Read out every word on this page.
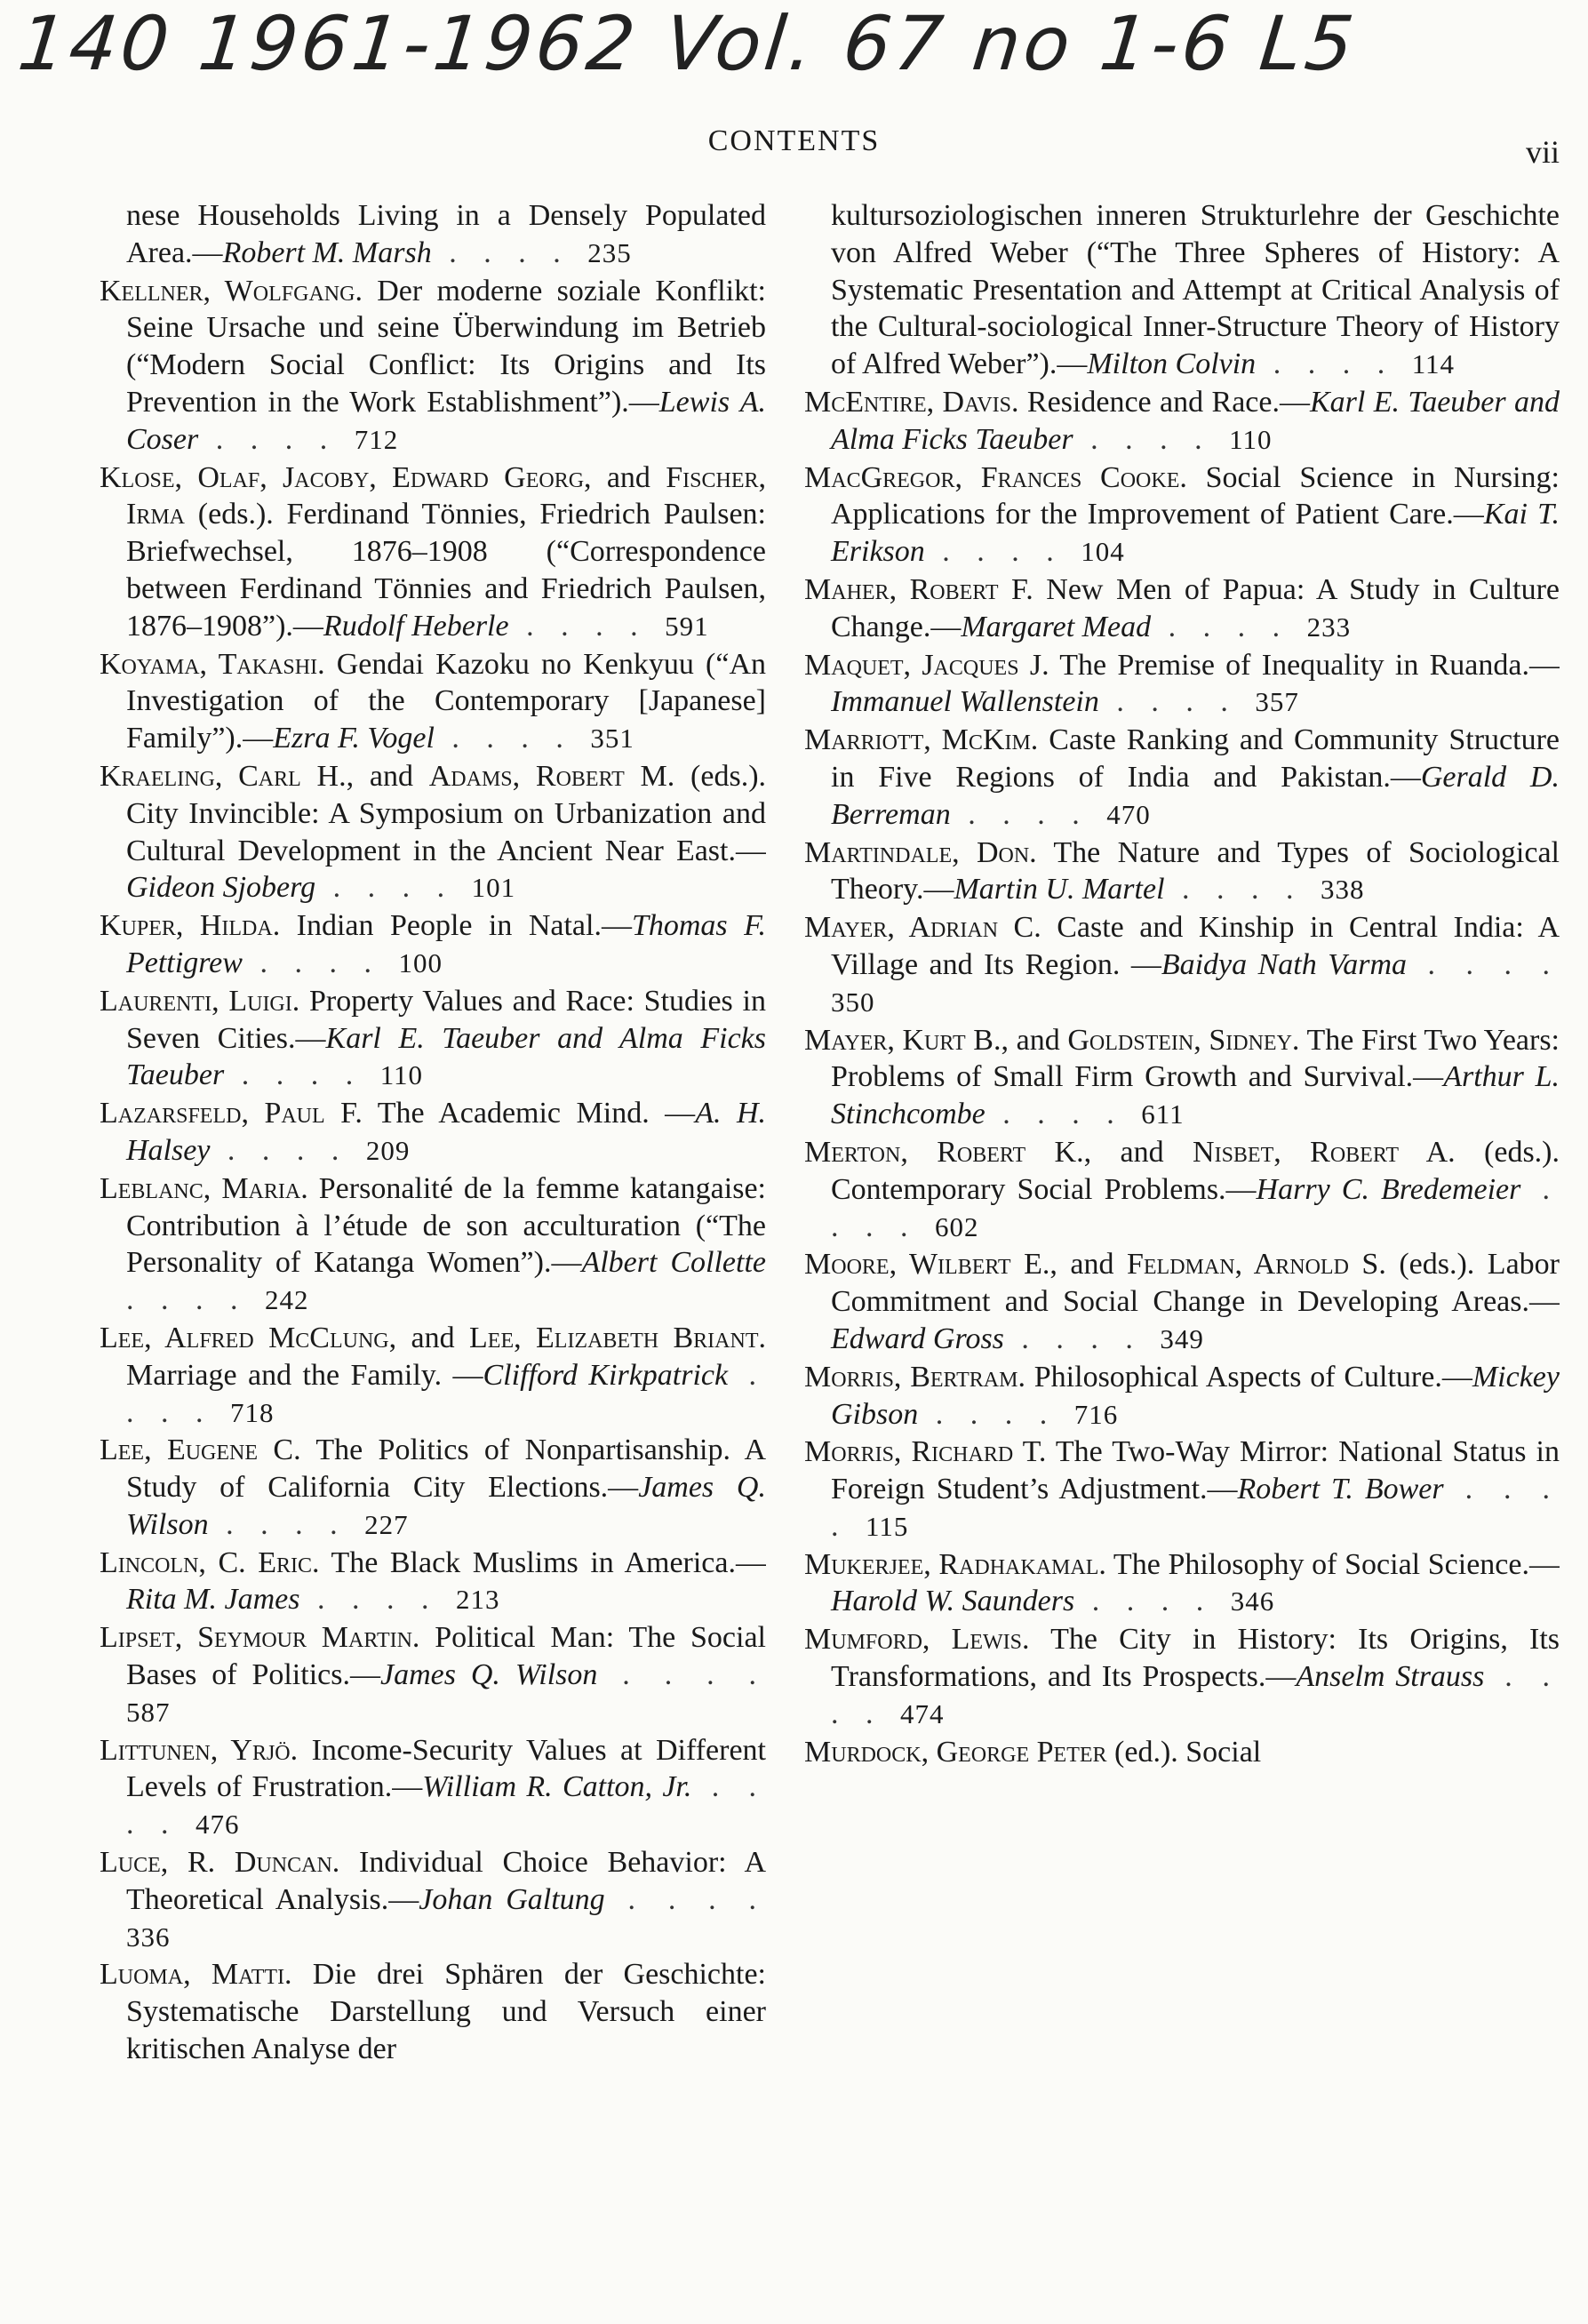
140 1961-1962 Vol. 67 no 1-6 L5
CONTENTS	vii

nese Households Living in a Densely Populated Area.—Robert M. Marsh . . . . 235

Kellner, Wolfgang. Der moderne soziale Konflikt: Seine Ursache und seine Überwindung im Betrieb (“Modern Social Conflict: Its Origins and Its Prevention in the Work Establishment”).—Lewis A. Coser . . . . 712

Klose, Olaf, Jacoby, Edward Georg, and Fischer, Irma (eds.). Ferdinand Tönnies, Friedrich Paulsen: Briefwechsel, 1876–1908 (“Correspondence between Ferdinand Tönnies and Friedrich Paulsen, 1876–1908”).—Rudolf Heberle . . . . 591

Koyama, Takashi. Gendai Kazoku no Kenkyuu (“An Investigation of the Contemporary [Japanese] Family”).—Ezra F. Vogel . . . . 351

Kraeling, Carl H., and Adams, Robert M. (eds.). City Invincible: A Symposium on Urbanization and Cultural Development in the Ancient Near East.—Gideon Sjoberg . . . . 101

Kuper, Hilda. Indian People in Natal.—Thomas F. Pettigrew . . . . 100

Laurenti, Luigi. Property Values and Race: Studies in Seven Cities.—Karl E. Taeuber and Alma Ficks Taeuber . . . . 110

Lazarsfeld, Paul F. The Academic Mind. —A. H. Halsey . . . . 209

Leblanc, Maria. Personalité de la femme katangaise: Contribution à l’étude de son acculturation (“The Personality of Katanga Women”).—Albert Collette . . . . 242

Lee, Alfred McClung, and Lee, Elizabeth Briant. Marriage and the Family. —Clifford Kirkpatrick . . . . 718

Lee, Eugene C. The Politics of Nonpartisanship. A Study of California City Elections.—James Q. Wilson . . . . 227

Lincoln, C. Eric. The Black Muslims in America.—Rita M. James . . . . 213

Lipset, Seymour Martin. Political Man: The Social Bases of Politics.—James Q. Wilson . . . . 587

Littunen, Yrjö. Income-Security Values at Different Levels of Frustration.—William R. Catton, Jr. . . . . 476

Luce, R. Duncan. Individual Choice Behavior: A Theoretical Analysis.—Johan Galtung . . . . 336

Luoma, Matti. Die drei Sphären der Geschichte: Systematische Darstellung und Versuch einer kritischen Analyse der

kultursoziologischen inneren Strukturlehre der Geschichte von Alfred Weber (“The Three Spheres of History: A Systematic Presentation and Attempt at Critical Analysis of the Cultural-sociological Inner-Structure Theory of History of Alfred Weber”).—Milton Colvin . . . . 114

McEntire, Davis. Residence and Race.—Karl E. Taeuber and Alma Ficks Taeuber . . . . 110

MacGregor, Frances Cooke. Social Science in Nursing: Applications for the Improvement of Patient Care.—Kai T. Erikson . . . . 104

Maher, Robert F. New Men of Papua: A Study in Culture Change.—Margaret Mead . . . . 233

Maquet, Jacques J. The Premise of Inequality in Ruanda.—Immanuel Wallenstein . . . . 357

Marriott, McKim. Caste Ranking and Community Structure in Five Regions of India and Pakistan.—Gerald D. Berreman . . . . 470

Martindale, Don. The Nature and Types of Sociological Theory.—Martin U. Martel . . . . 338

Mayer, Adrian C. Caste and Kinship in Central India: A Village and Its Region. —Baidya Nath Varma . . . . 350

Mayer, Kurt B., and Goldstein, Sidney. The First Two Years: Problems of Small Firm Growth and Survival.—Arthur L. Stinchcombe . . . . 611

Merton, Robert K., and Nisbet, Robert A. (eds.). Contemporary Social Problems.—Harry C. Bredemeier . . . . 602

Moore, Wilbert E., and Feldman, Arnold S. (eds.). Labor Commitment and Social Change in Developing Areas.—Edward Gross . . . . 349

Morris, Bertram. Philosophical Aspects of Culture.—Mickey Gibson . . . . 716

Morris, Richard T. The Two-Way Mirror: National Status in Foreign Student’s Adjustment.—Robert T. Bower . . . . 115

Mukerjee, Radhakamal. The Philosophy of Social Science.—Harold W. Saunders . . . . 346

Mumford, Lewis. The City in History: Its Origins, Its Transformations, and Its Prospects.—Anselm Strauss . . . . 474

Murdock, George Peter (ed.). Social
